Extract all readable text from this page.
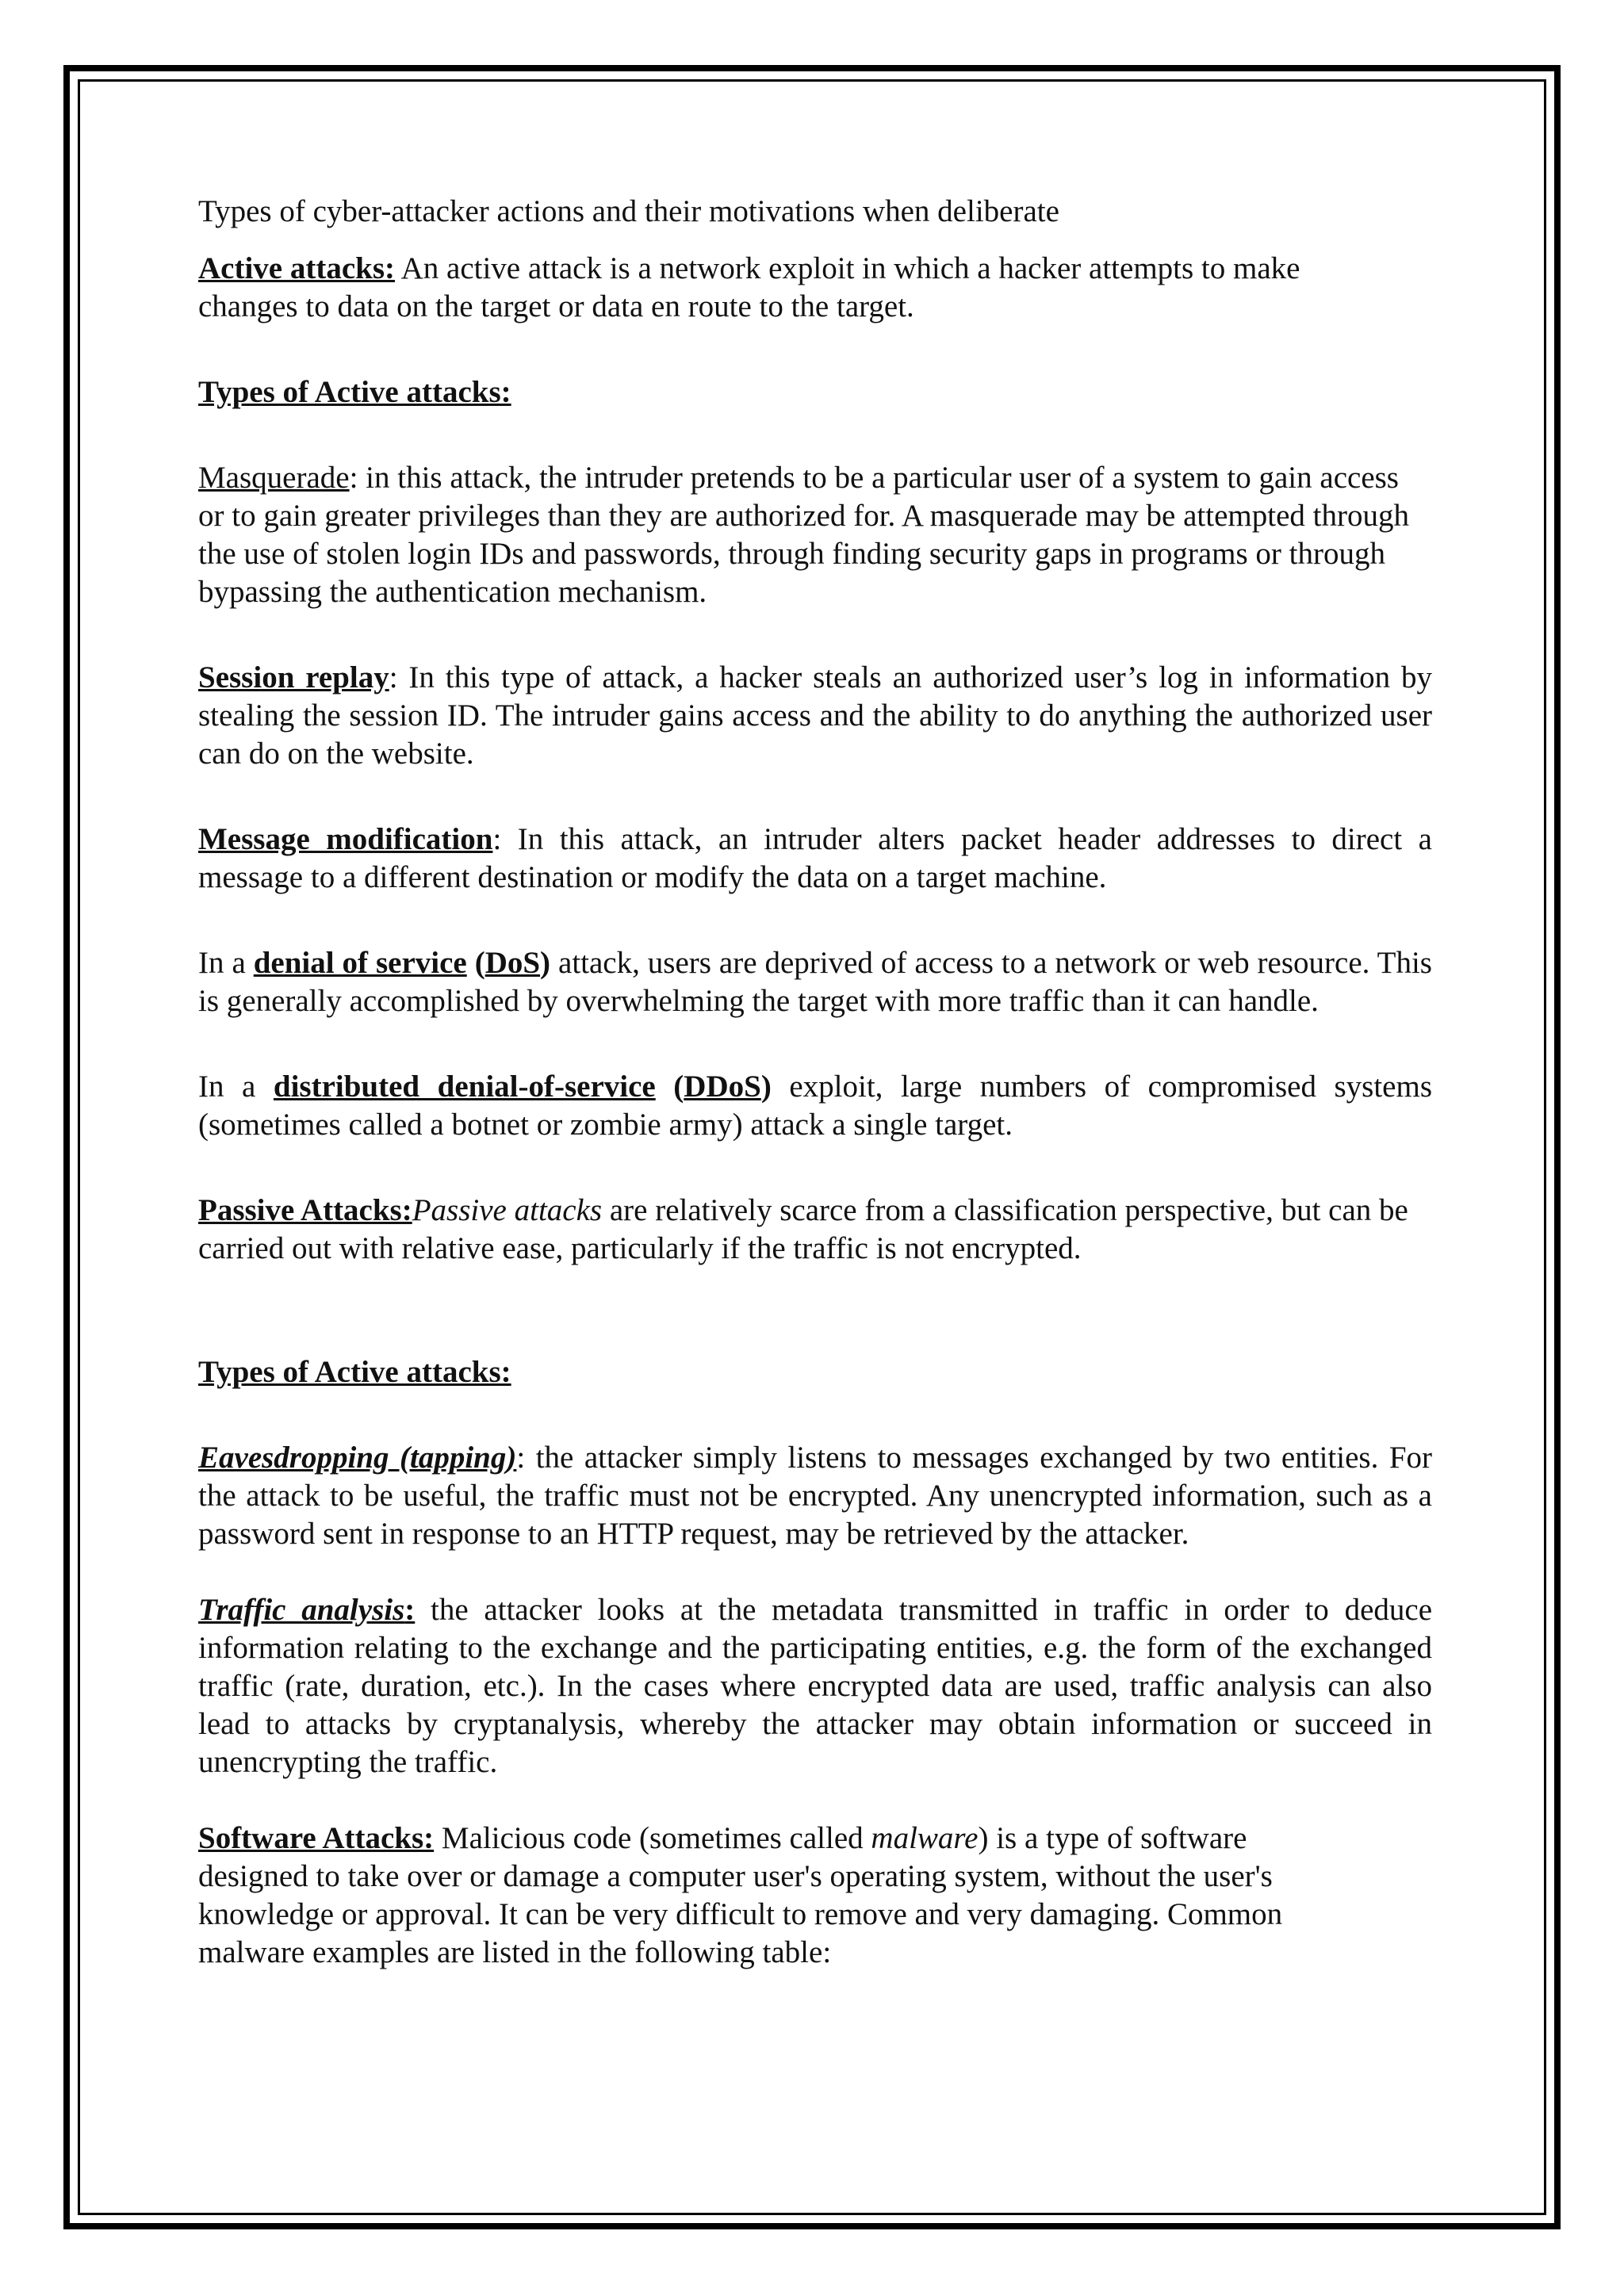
Types of cyber-attacker actions and their motivations when deliberate

Active attacks: An active attack is a network exploit in which a hacker attempts to make changes to data on the target or data en route to the target.

Types of Active attacks:

Masquerade: in this attack, the intruder pretends to be a particular user of a system to gain access or to gain greater privileges than they are authorized for. A masquerade may be attempted through the use of stolen login IDs and passwords, through finding security gaps in programs or through bypassing the authentication mechanism.

Session replay: In this type of attack, a hacker steals an authorized user’s log in information by stealing the session ID. The intruder gains access and the ability to do anything the authorized user can do on the website.

Message modification: In this attack, an intruder alters packet header addresses to direct a message to a different destination or modify the data on a target machine.

In a denial of service (DoS) attack, users are deprived of access to a network or web resource. This is generally accomplished by overwhelming the target with more traffic than it can handle.

In a distributed denial-of-service (DDoS) exploit, large numbers of compromised systems (sometimes called a botnet or zombie army) attack a single target.

Passive Attacks:Passive attacks are relatively scarce from a classification perspective, but can be carried out with relative ease, particularly if the traffic is not encrypted.

Types of Active attacks:

Eavesdropping (tapping): the attacker simply listens to messages exchanged by two entities. For the attack to be useful, the traffic must not be encrypted. Any unencrypted information, such as a password sent in response to an HTTP request, may be retrieved by the attacker.

Traffic analysis: the attacker looks at the metadata transmitted in traffic in order to deduce information relating to the exchange and the participating entities, e.g. the form of the exchanged traffic (rate, duration, etc.). In the cases where encrypted data are used, traffic analysis can also lead to attacks by cryptanalysis, whereby the attacker may obtain information or succeed in unencrypting the traffic.

Software Attacks: Malicious code (sometimes called malware) is a type of software designed to take over or damage a computer user's operating system, without the user's knowledge or approval. It can be very difficult to remove and very damaging. Common malware examples are listed in the following table:
